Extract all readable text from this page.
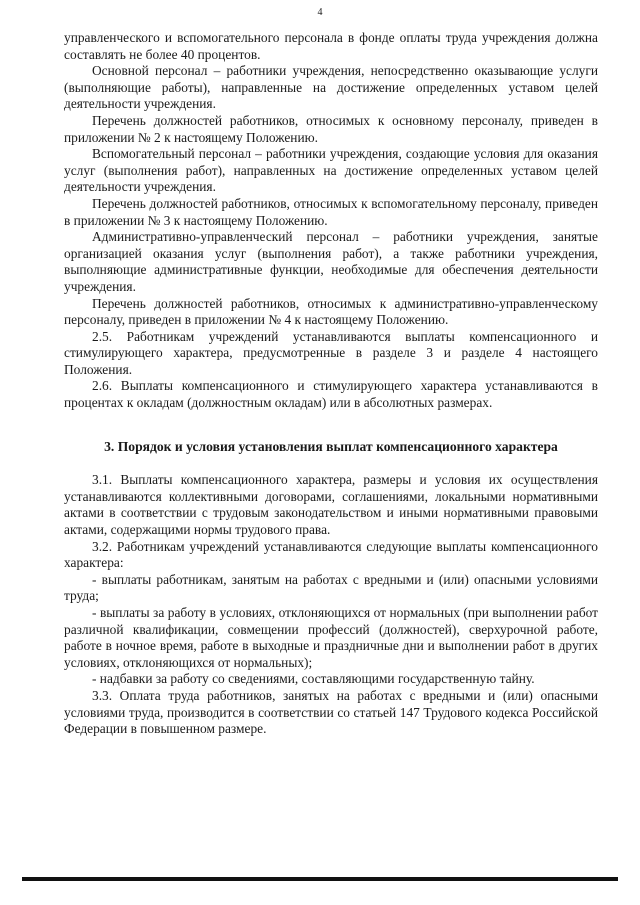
4

управленческого и вспомогательного персонала в фонде оплаты труда учреждения должна составлять не более 40 процентов.

Основной персонал – работники учреждения, непосредственно оказывающие услуги (выполняющие работы), направленные на достижение определенных уставом целей деятельности учреждения.

Перечень должностей работников, относимых к основному персоналу, приведен в приложении № 2 к настоящему Положению.

Вспомогательный персонал – работники учреждения, создающие условия для оказания услуг (выполнения работ), направленных на достижение определенных уставом целей деятельности учреждения.

Перечень должностей работников, относимых к вспомогательному персоналу, приведен в приложении № 3 к настоящему Положению.

Административно-управленческий персонал – работники учреждения, занятые организацией оказания услуг (выполнения работ), а также работники учреждения, выполняющие административные функции, необходимые для обеспечения деятельности учреждения.

Перечень должностей работников, относимых к административно-управленческому персоналу, приведен в приложении № 4 к настоящему Положению.

2.5. Работникам учреждений устанавливаются выплаты компенсационного и стимулирующего характера, предусмотренные в разделе 3 и разделе 4 настоящего Положения.

2.6. Выплаты компенсационного и стимулирующего характера устанавливаются в процентах к окладам (должностным окладам) или в абсолютных размерах.

3. Порядок и условия установления выплат компенсационного характера

3.1. Выплаты компенсационного характера, размеры и условия их осуществления устанавливаются коллективными договорами, соглашениями, локальными нормативными актами в соответствии с трудовым законодательством и иными нормативными правовыми актами, содержащими нормы трудового права.

3.2. Работникам учреждений устанавливаются следующие выплаты компенсационного характера:

- выплаты работникам, занятым на работах с вредными и (или) опасными условиями труда;

- выплаты за работу в условиях, отклоняющихся от нормальных (при выполнении работ различной квалификации, совмещении профессий (должностей), сверхурочной работе, работе в ночное время, работе в выходные и праздничные дни и выполнении работ в других условиях, отклоняющихся от нормальных);

- надбавки за работу со сведениями, составляющими государственную тайну.

3.3. Оплата труда работников, занятых на работах с вредными и (или) опасными условиями труда, производится в соответствии со статьей 147 Трудового кодекса Российской Федерации в повышенном размере.
